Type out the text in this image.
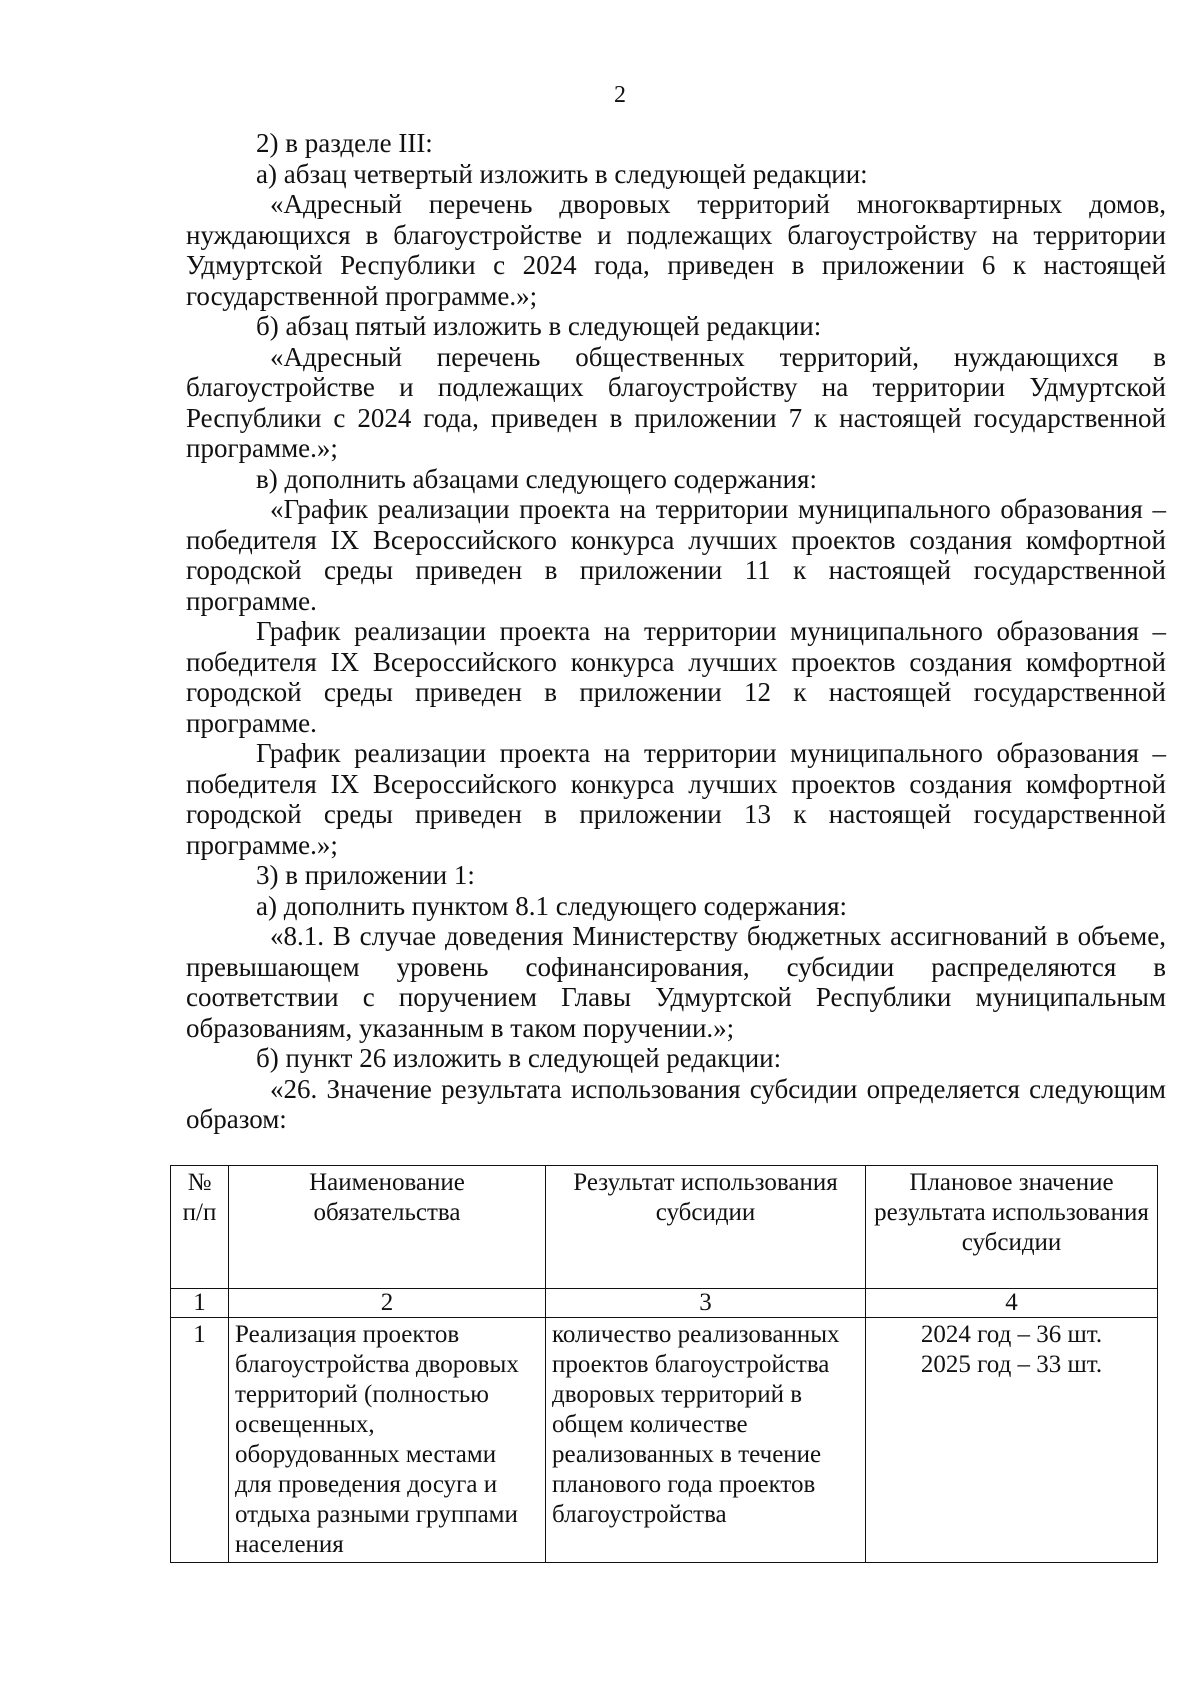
2

2) в разделе III:

а) абзац четвертый изложить в следующей редакции:

«Адресный перечень дворовых территорий многоквартирных домов, нуждающихся в благоустройстве и подлежащих благоустройству на территории Удмуртской Республики с 2024 года, приведен в приложении 6 к настоящей государственной программе.»;

б) абзац пятый изложить в следующей редакции:

«Адресный перечень общественных территорий, нуждающихся в благоустройстве и подлежащих благоустройству на территории Удмуртской Республики с 2024 года, приведен в приложении 7 к настоящей государственной программе.»;

в) дополнить абзацами следующего содержания:

«График реализации проекта на территории муниципального образования – победителя IX Всероссийского конкурса лучших проектов создания комфортной городской среды приведен в приложении 11 к настоящей государственной программе.

График реализации проекта на территории муниципального образования – победителя IX Всероссийского конкурса лучших проектов создания комфортной городской среды приведен в приложении 12 к настоящей государственной программе.

График реализации проекта на территории муниципального образования – победителя IX Всероссийского конкурса лучших проектов создания комфортной городской среды приведен в приложении 13 к настоящей государственной программе.»;

3) в приложении 1:

а) дополнить пунктом 8.1 следующего содержания:

«8.1. В случае доведения Министерству бюджетных ассигнований в объеме, превышающем уровень софинансирования, субсидии распределяются в соответствии с поручением Главы Удмуртской Республики муниципальным образованиям, указанным в таком поручении.»;

б) пункт 26 изложить в следующей редакции:

«26. Значение результата использования субсидии определяется следующим образом:

№ п/п	Наименование обязательства	Результат использования субсидии	Плановое значение результата использования субсидии
1	2	3	4
1	Реализация проектов благоустройства дворовых территорий (полностью освещенных, оборудованных местами для проведения досуга и отдыха разными группами населения	количество реализованных проектов благоустройства дворовых территорий в общем количестве реализованных в течение планового года проектов благоустройства	2024 год – 36 шт.
2025 год – 33 шт.
